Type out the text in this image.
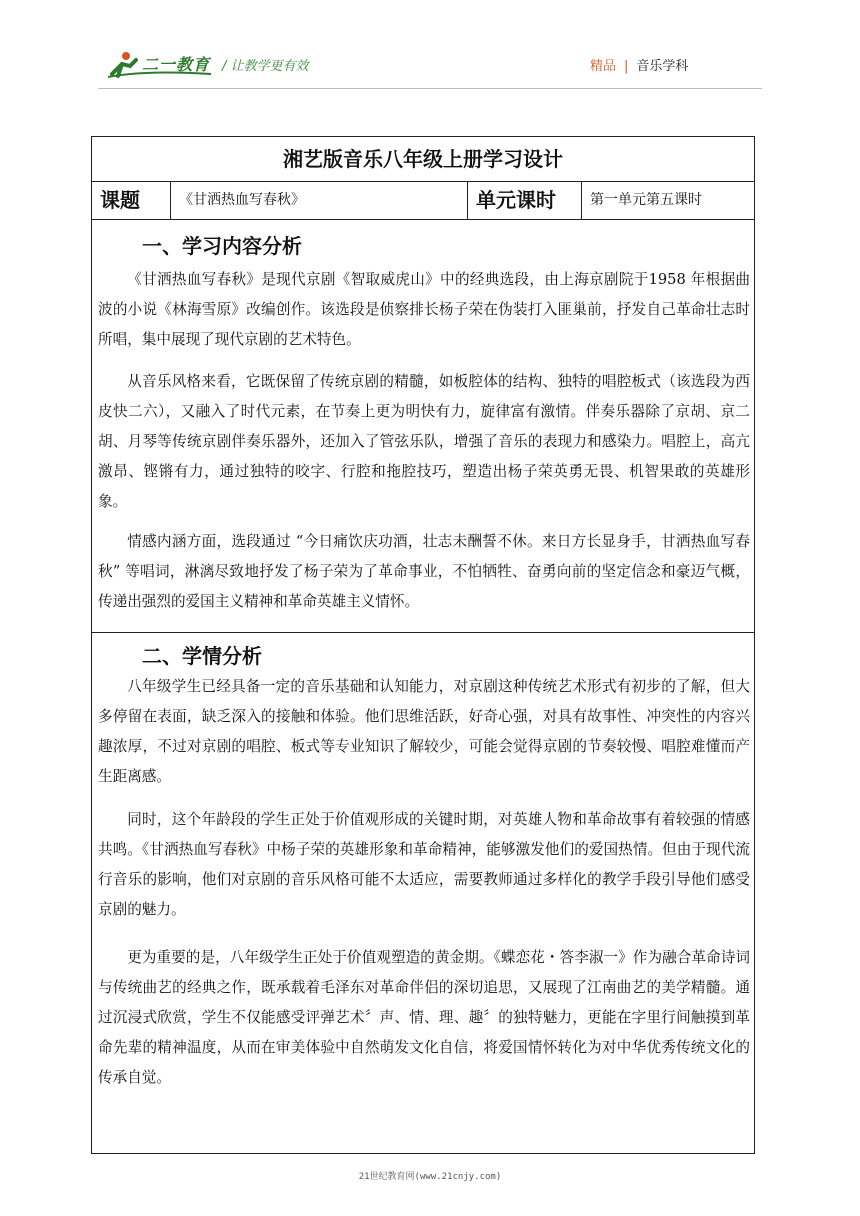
二一教育 / 让教学更有效	精品 | 音乐学科
湘艺版音乐八年级上册学习设计
课题	《甘洒热血写春秋》	单元课时	第一单元第五课时
一、学习内容分析
《甘洒热血写春秋》是现代京剧《智取威虎山》中的经典选段，由上海京剧院于1958 年根据曲波的小说《林海雪原》改编创作。该选段是侦察排长杨子荣在伪装打入匪巢前，抒发自己革命壮志时所唱，集中展现了现代京剧的艺术特色。
从音乐风格来看，它既保留了传统京剧的精髓，如板腔体的结构、独特的唱腔板式（该选段为西皮快二六），又融入了时代元素，在节奏上更为明快有力，旋律富有激情。伴奏乐器除了京胡、京二胡、月琴等传统京剧伴奏乐器外，还加入了管弦乐队，增强了音乐的表现力和感染力。唱腔上，高亢激昂、铿锵有力，通过独特的咬字、行腔和拖腔技巧，塑造出杨子荣英勇无畏、机智果敢的英雄形象。
情感内涵方面，选段通过 “今日痛饮庆功酒，壮志未酬誓不休。来日方长显身手，甘洒热血写春秋” 等唱词，淋漓尽致地抒发了杨子荣为了革命事业，不怕牺牲、奋勇向前的坚定信念和豪迈气概，传递出强烈的爱国主义精神和革命英雄主义情怀。
二、学情分析
八年级学生已经具备一定的音乐基础和认知能力，对京剧这种传统艺术形式有初步的了解，但大多停留在表面，缺乏深入的接触和体验。他们思维活跃，好奇心强，对具有故事性、冲突性的内容兴趣浓厚，不过对京剧的唱腔、板式等专业知识了解较少，可能会觉得京剧的节奏较慢、唱腔难懂而产生距离感。
同时，这个年龄段的学生正处于价值观形成的关键时期，对英雄人物和革命故事有着较强的情感共鸣。《甘洒热血写春秋》中杨子荣的英雄形象和革命精神，能够激发他们的爱国热情。但由于现代流行音乐的影响，他们对京剧的音乐风格可能不太适应，需要教师通过多样化的教学手段引导他们感受京剧的魅力。
更为重要的是，八年级学生正处于价值观塑造的黄金期。《蝶恋花・答李淑一》作为融合革命诗词与传统曲艺的经典之作，既承载着毛泽东对革命伴侣的深切追思，又展现了江南曲艺的美学精髓。通过沉浸式欣赏，学生不仅能感受评弹艺术〞声、情、理、趣〞的独特魅力，更能在字里行间触摸到革命先辈的精神温度，从而在审美体验中自然萌发文化自信，将爱国情怀转化为对中华优秀传统文化的传承自觉。
21世纪教育网(www.21cnjy.com)
